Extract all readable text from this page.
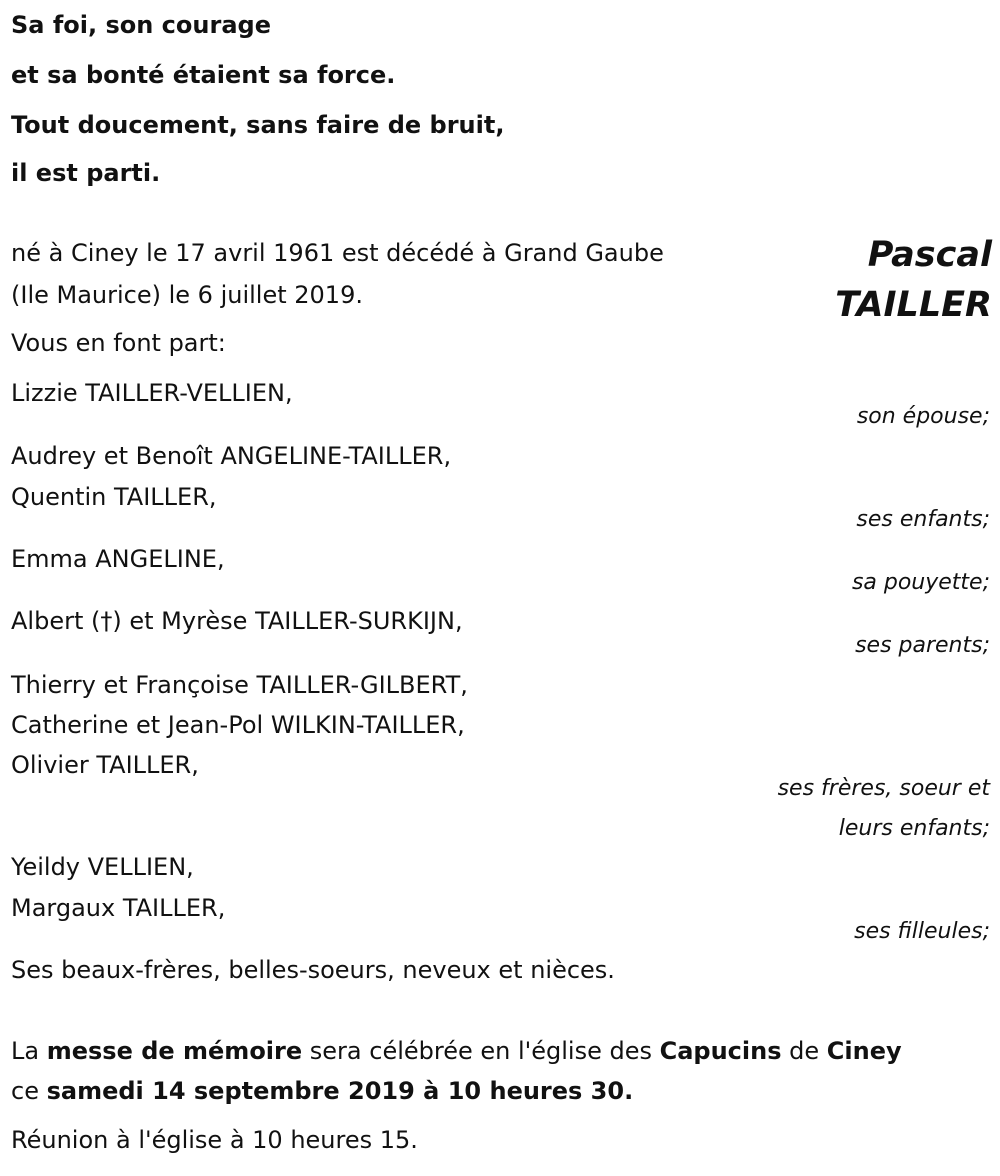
Sa foi, son courage
et sa bonté étaient sa force.
Tout doucement, sans faire de bruit,
il est parti.
Pascal
TAILLER
né à Ciney le 17 avril 1961 est décédé à Grand Gaube
(Ile Maurice) le 6 juillet 2019.
Vous en font part:
Lizzie TAILLER-VELLIEN,
son épouse;
Audrey et Benoît ANGELINE-TAILLER,
Quentin TAILLER,
ses enfants;
Emma ANGELINE,
sa pouyette;
Albert (†) et Myrèse TAILLER-SURKIJN,
ses parents;
Thierry et Françoise TAILLER-GILBERT,
Catherine et Jean-Pol WILKIN-TAILLER,
Olivier TAILLER,
ses frères, soeur et
leurs enfants;
Yeildy VELLIEN,
Margaux TAILLER,
ses filleules;
Ses beaux-frères, belles-soeurs, neveux et nièces.
La messe de mémoire sera célébrée en l'église des Capucins de Ciney
ce samedi 14 septembre 2019 à 10 heures 30.
Réunion à l'église à 10 heures 15.
